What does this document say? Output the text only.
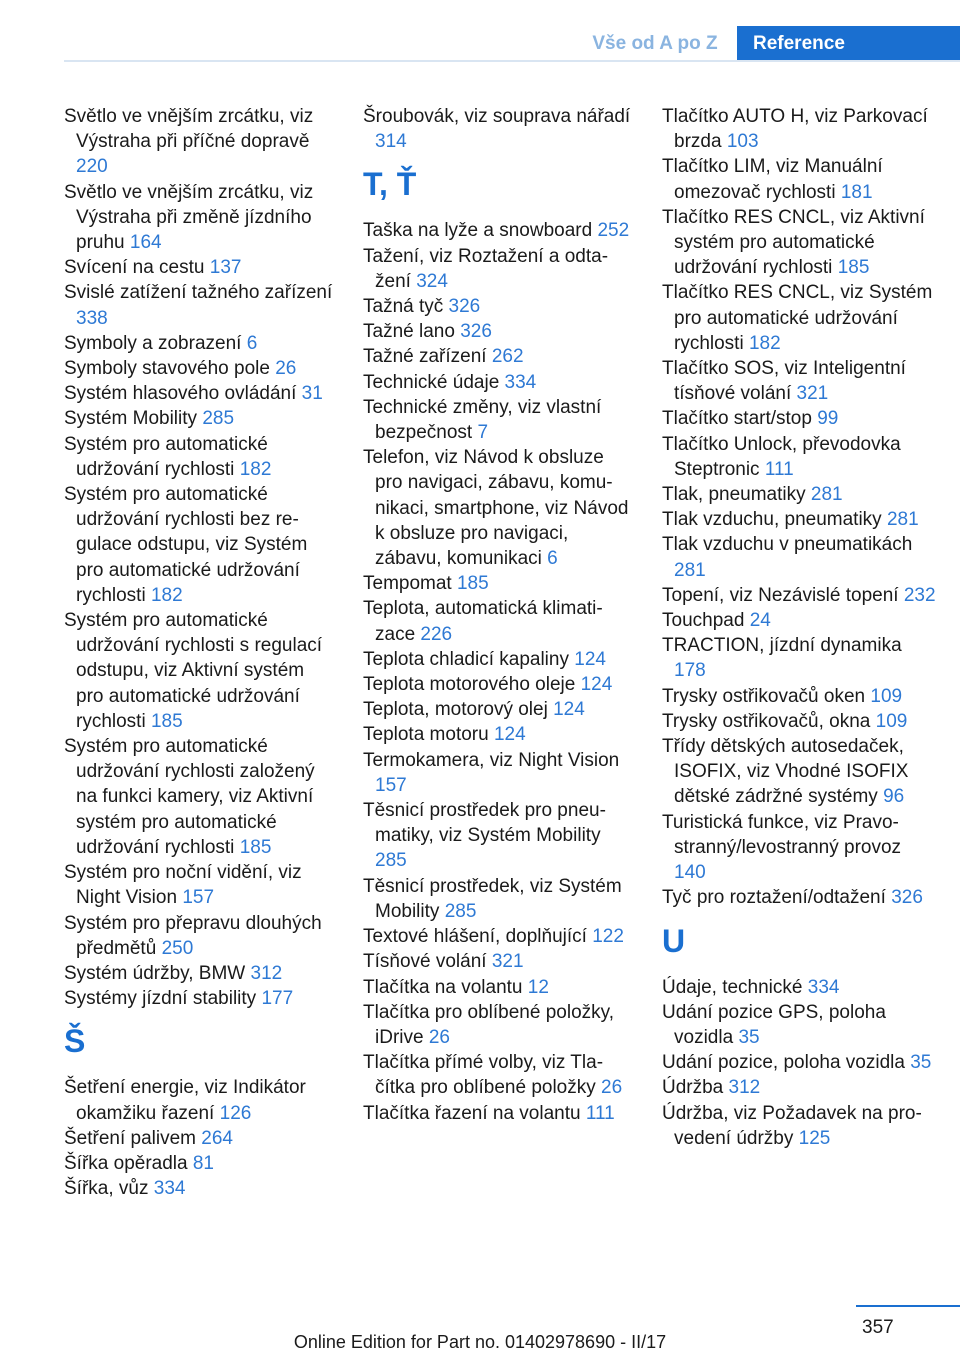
Vše od A po Z	Reference
Světlo ve vnějším zrcátku, viz Výstraha při příčné dopravě 220
Světlo ve vnějším zrcátku, viz Výstraha při změně jízdního pruhu 164
Svícení na cestu 137
Svislé zatížení tažného zařízení 338
Symboly a zobrazení 6
Symboly stavového pole 26
Systém hlasového ovládání 31
Systém Mobility 285
Systém pro automatické udržování rychlosti 182
Systém pro automatické udržování rychlosti bez regulace odstupu, viz Systém pro automatické udržování rychlosti 182
Systém pro automatické udržování rychlosti s regulací odstupu, viz Aktivní systém pro automatické udržování rychlosti 185
Systém pro automatické udržování rychlosti založený na funkci kamery, viz Aktivní systém pro automatické udržování rychlosti 185
Systém pro noční vidění, viz Night Vision 157
Systém pro přepravu dlouhých předmětů 250
Systém údržby, BMW 312
Systémy jízdní stability 177
Š
Šetření energie, viz Indikátor okamžiku řazení 126
Šetření palivem 264
Šířka opěradla 81
Šířka, vůz 334
Šroubovák, viz souprava nářadí 314
T, Ť
Taška na lyže a snowboard 252
Tažení, viz Roztažení a odtažení 324
Tažná tyč 326
Tažné lano 326
Tažné zařízení 262
Technické údaje 334
Technické změny, viz vlastní bezpečnost 7
Telefon, viz Návod k obsluze pro navigaci, zábavu, komunikaci, smartphone, viz Návod k obsluze pro navigaci, zábavu, komunikaci 6
Tempomat 185
Teplota, automatická klimatizace 226
Teplota chladicí kapaliny 124
Teplota motorového oleje 124
Teplota, motorový olej 124
Teplota motoru 124
Termokamera, viz Night Vision 157
Těsnicí prostředek pro pneumatiky, viz Systém Mobility 285
Těsnicí prostředek, viz Systém Mobility 285
Textové hlášení, doplňující 122
Tísňové volání 321
Tlačítka na volantu 12
Tlačítka pro oblíbené položky, iDrive 26
Tlačítka přímé volby, viz Tlačítka pro oblíbené položky 26
Tlačítka řazení na volantu 111
Tlačítko AUTO H, viz Parkovací brzda 103
Tlačítko LIM, viz Manuální omezovač rychlosti 181
Tlačítko RES CNCL, viz Aktivní systém pro automatické udržování rychlosti 185
Tlačítko RES CNCL, viz Systém pro automatické udržování rychlosti 182
Tlačítko SOS, viz Inteligentní tísňové volání 321
Tlačítko start/stop 99
Tlačítko Unlock, převodovka Steptronic 111
Tlak, pneumatiky 281
Tlak vzduchu, pneumatiky 281
Tlak vzduchu v pneumatikách 281
Topení, viz Nezávislé topení 232
Touchpad 24
TRACTION, jízdní dynamika 178
Trysky ostřikovačů oken 109
Trysky ostřikovačů, okna 109
Třídy dětských autosedaček, ISOFIX, viz Vhodné ISOFIX dětské zádržné systémy 96
Turistická funkce, viz Pravostranný/levostranný provoz 140
Tyč pro roztažení/odtažení 326
U
Údaje, technické 334
Udání pozice GPS, poloha vozidla 35
Udání pozice, poloha vozidla 35
Údržba 312
Údržba, viz Požadavek na provedení údržby 125
357
Online Edition for Part no. 01402978690 - II/17
